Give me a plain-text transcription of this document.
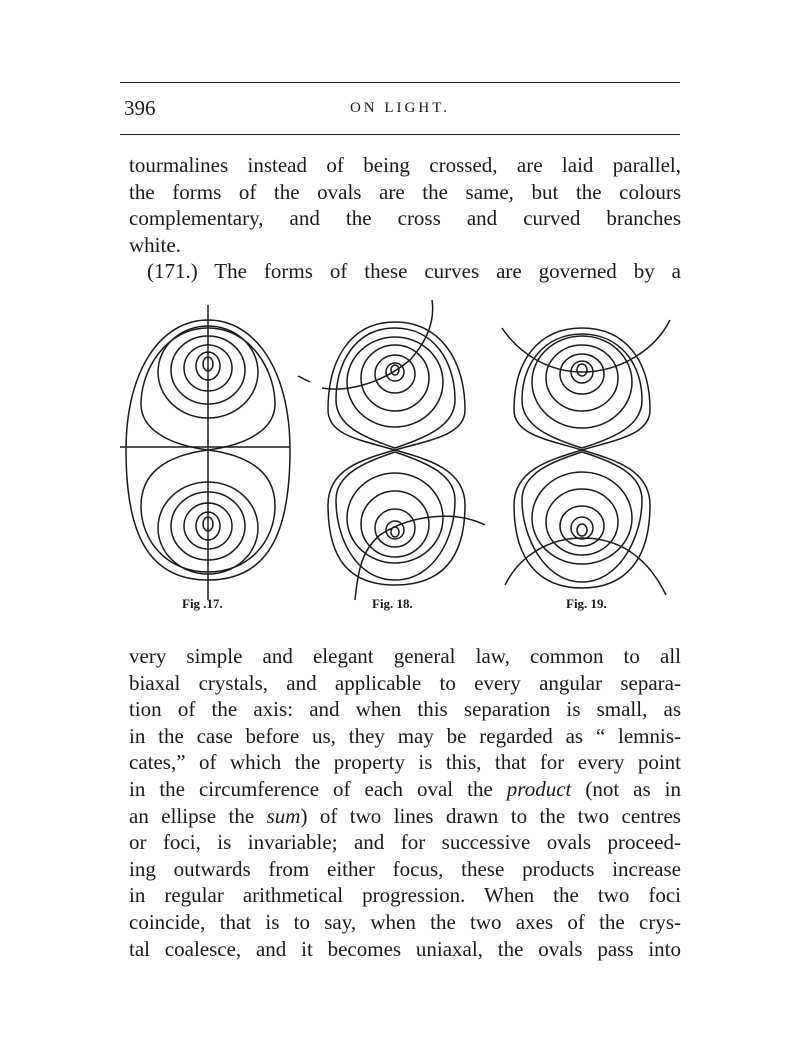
396	ON LIGHT.
tourmalines instead of being crossed, are laid parallel,
the forms of the ovals are the same, but the colours
complementary, and the cross and curved branches
white.
(171.) The forms of these curves are governed by a
Fig .17.	Fig. 18.	Fig. 19.
very simple and elegant general law, common to all
biaxal crystals, and applicable to every angular separa-
tion of the axis: and when this separation is small, as
in the case before us, they may be regarded as “ lemnis-
cates,” of which the property is this, that for every point
in the circumference of each oval the product (not as in
an ellipse the sum) of two lines drawn to the two centres
or foci, is invariable; and for successive ovals proceed-
ing outwards from either focus, these products increase
in regular arithmetical progression. When the two foci
coincide, that is to say, when the two axes of the crys-
tal coalesce, and it becomes uniaxal, the ovals pass into
